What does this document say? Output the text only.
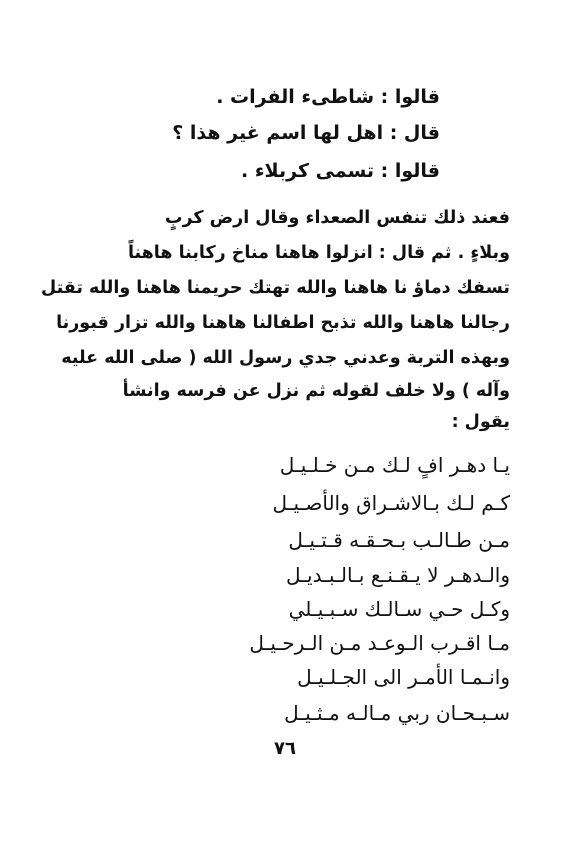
قالوا : شاطىء الفرات .
قال : اهل لها اسم غير هذا ؟
قالوا : تسمى كربلاء .
فعند ذلك تنفس الصعداء وقال ارض كربٍ
وبلاءٍ . ثم قال : انزلوا هاهنا مناخ ركابنا هاهناً
تسفك دماؤ نا هاهنا والله تهتك حريمنا هاهنا والله تقتل
رجالنا هاهنا والله تذبح اطفالنا هاهنا والله تزار قبورنا
وبهذه التربة وعدني جدي رسول الله ( صلى الله عليه
وآله ) ولا خلف لقوله ثم نزل عن فرسه وانشأ
يقول :
يـا دهـر افٍ لـك مـن خـلـيـل
كـم لـك بـالاشـراق والأصـيـل
مـن طـالـب بـحـقـه قـتـيـل
والـدهـر لا يـقـنـع بـالـبـديـل
وكـل حـي سـالـك سـبـيـلي
مـا اقـرب الـوعـد مـن الـرحـيـل
وانـمـا الأمـر الى الجـلـيـل
سـبـحـان ربي مـالـه مـثـيـل
٧٦
